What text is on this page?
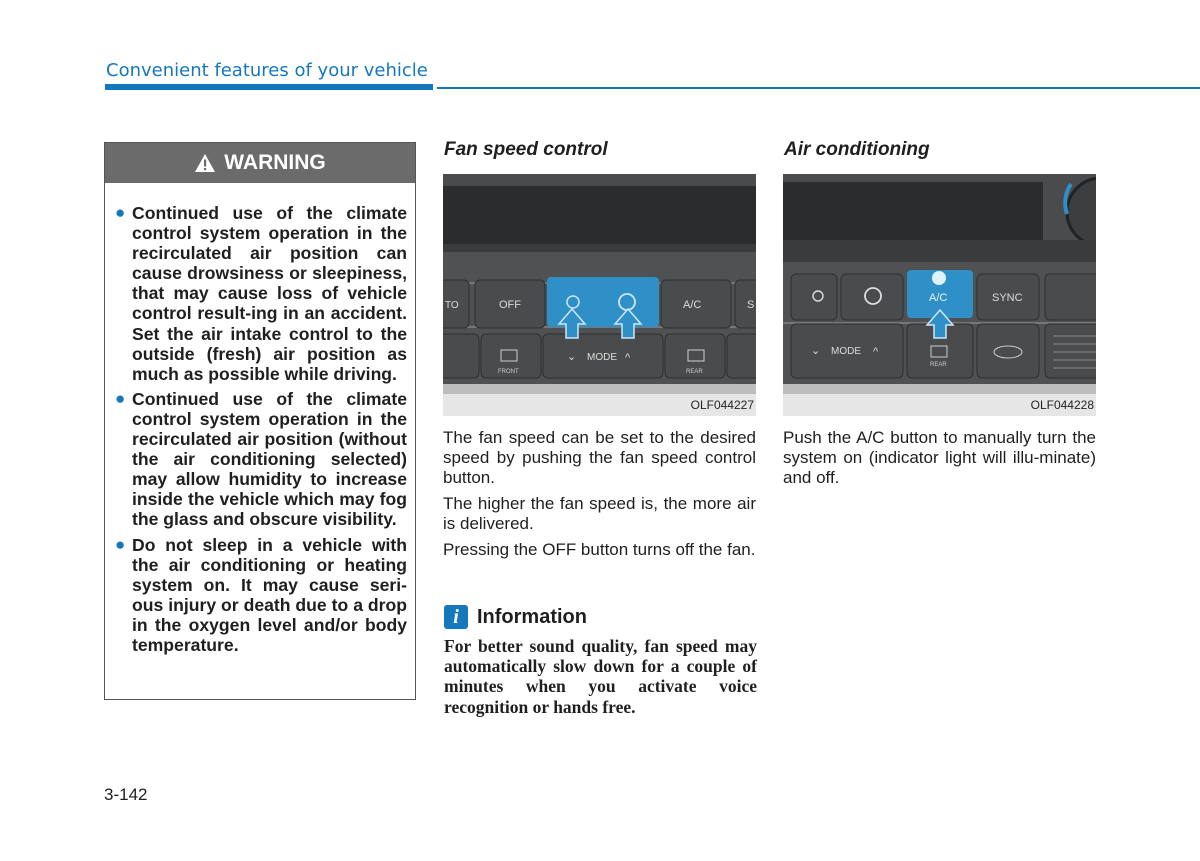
Convenient features of your vehicle
WARNING
● Continued use of the climate control system operation in the recirculated air position can cause drowsiness or sleepiness, that may cause loss of vehicle control result-ing in an accident. Set the air intake control to the outside (fresh) air position as much as possible while driving.
● Continued use of the climate control system operation in the recirculated air position (without the air conditioning selected) may allow humidity to increase inside the vehicle which may fog the glass and obscure visibility.
● Do not sleep in a vehicle with the air conditioning or heating system on. It may cause seri-ous injury or death due to a drop in the oxygen level and/or body temperature.
Fan speed control
TO	OFF	A/C	S
MODE
⌄	^
FRONT	REAR
OLF044227

The fan speed can be set to the desired speed by pushing the fan speed control button.

The higher the fan speed is, the more air is delivered.

Pressing the OFF button turns off the fan.

i Information

For better sound quality, fan speed may automatically slow down for a couple of minutes when you activate voice recognition or hands free.

Air conditioning
A/C	SYNC
MODE
⌄	^
REAR
OLF044228

Push the A/C button to manually turn the system on (indicator light will illu-minate) and off.

3-142
